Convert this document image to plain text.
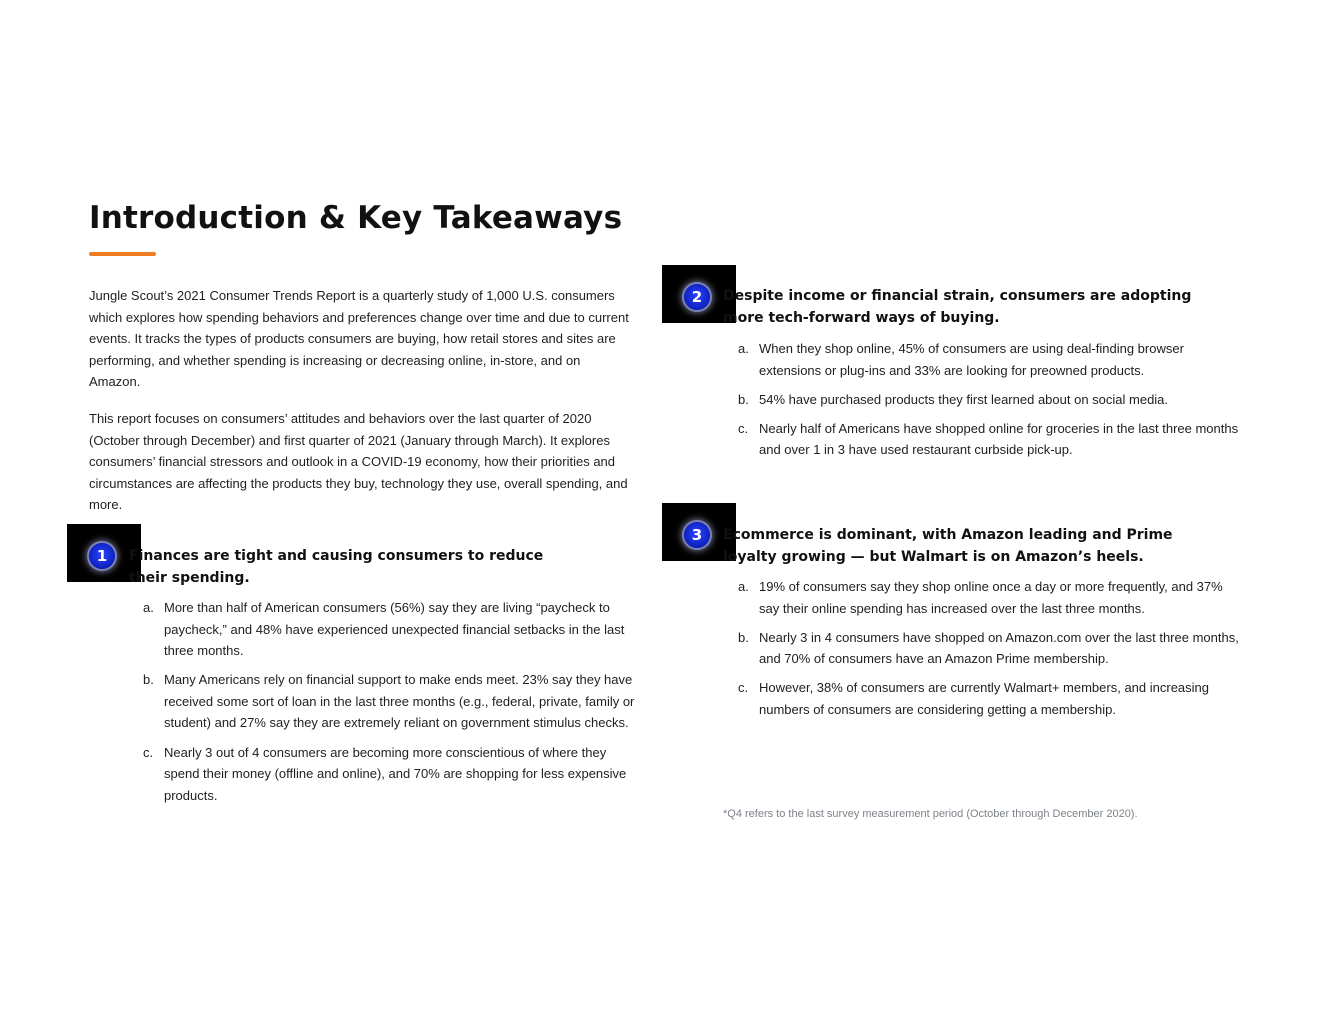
Introduction & Key Takeaways

Jungle Scout’s 2021 Consumer Trends Report is a quarterly study of 1,000 U.S. consumers which explores how spending behaviors and preferences change over time and due to current events. It tracks the types of products consumers are buying, how retail stores and sites are performing, and whether spending is increasing or decreasing online, in-store, and on Amazon.

This report focuses on consumers’ attitudes and behaviors over the last quarter of 2020 (October through December) and first quarter of 2021 (January through March). It explores consumers’ financial stressors and outlook in a COVID-19 economy, how their priorities and circumstances are affecting the products they buy, technology they use, overall spending, and more.

1	Finances are tight and causing consumers to reduce their spending.
a. More than half of American consumers (56%) say they are living “paycheck to paycheck,” and 48% have experienced unexpected financial setbacks in the last three months.
b. Many Americans rely on financial support to make ends meet. 23% say they have received some sort of loan in the last three months (e.g., federal, private, family or student) and 27% say they are extremely reliant on government stimulus checks.
c. Nearly 3 out of 4 consumers are becoming more conscientious of where they spend their money (offline and online), and 70% are shopping for less expensive products.
2	Despite income or financial strain, consumers are adopting more tech-forward ways of buying.
a. When they shop online, 45% of consumers are using deal-finding browser extensions or plug-ins and 33% are looking for preowned products.
b. 54% have purchased products they first learned about on social media.
c. Nearly half of Americans have shopped online for groceries in the last three months and over 1 in 3 have used restaurant curbside pick-up.
3	Ecommerce is dominant, with Amazon leading and Prime loyalty growing — but Walmart is on Amazon’s heels.
a. 19% of consumers say they shop online once a day or more frequently, and 37% say their online spending has increased over the last three months.
b. Nearly 3 in 4 consumers have shopped on Amazon.com over the last three months, and 70% of consumers have an Amazon Prime membership.
c. However, 38% of consumers are currently Walmart+ members, and increasing numbers of consumers are considering getting a membership.

*Q4 refers to the last survey measurement period (October through December 2020).
